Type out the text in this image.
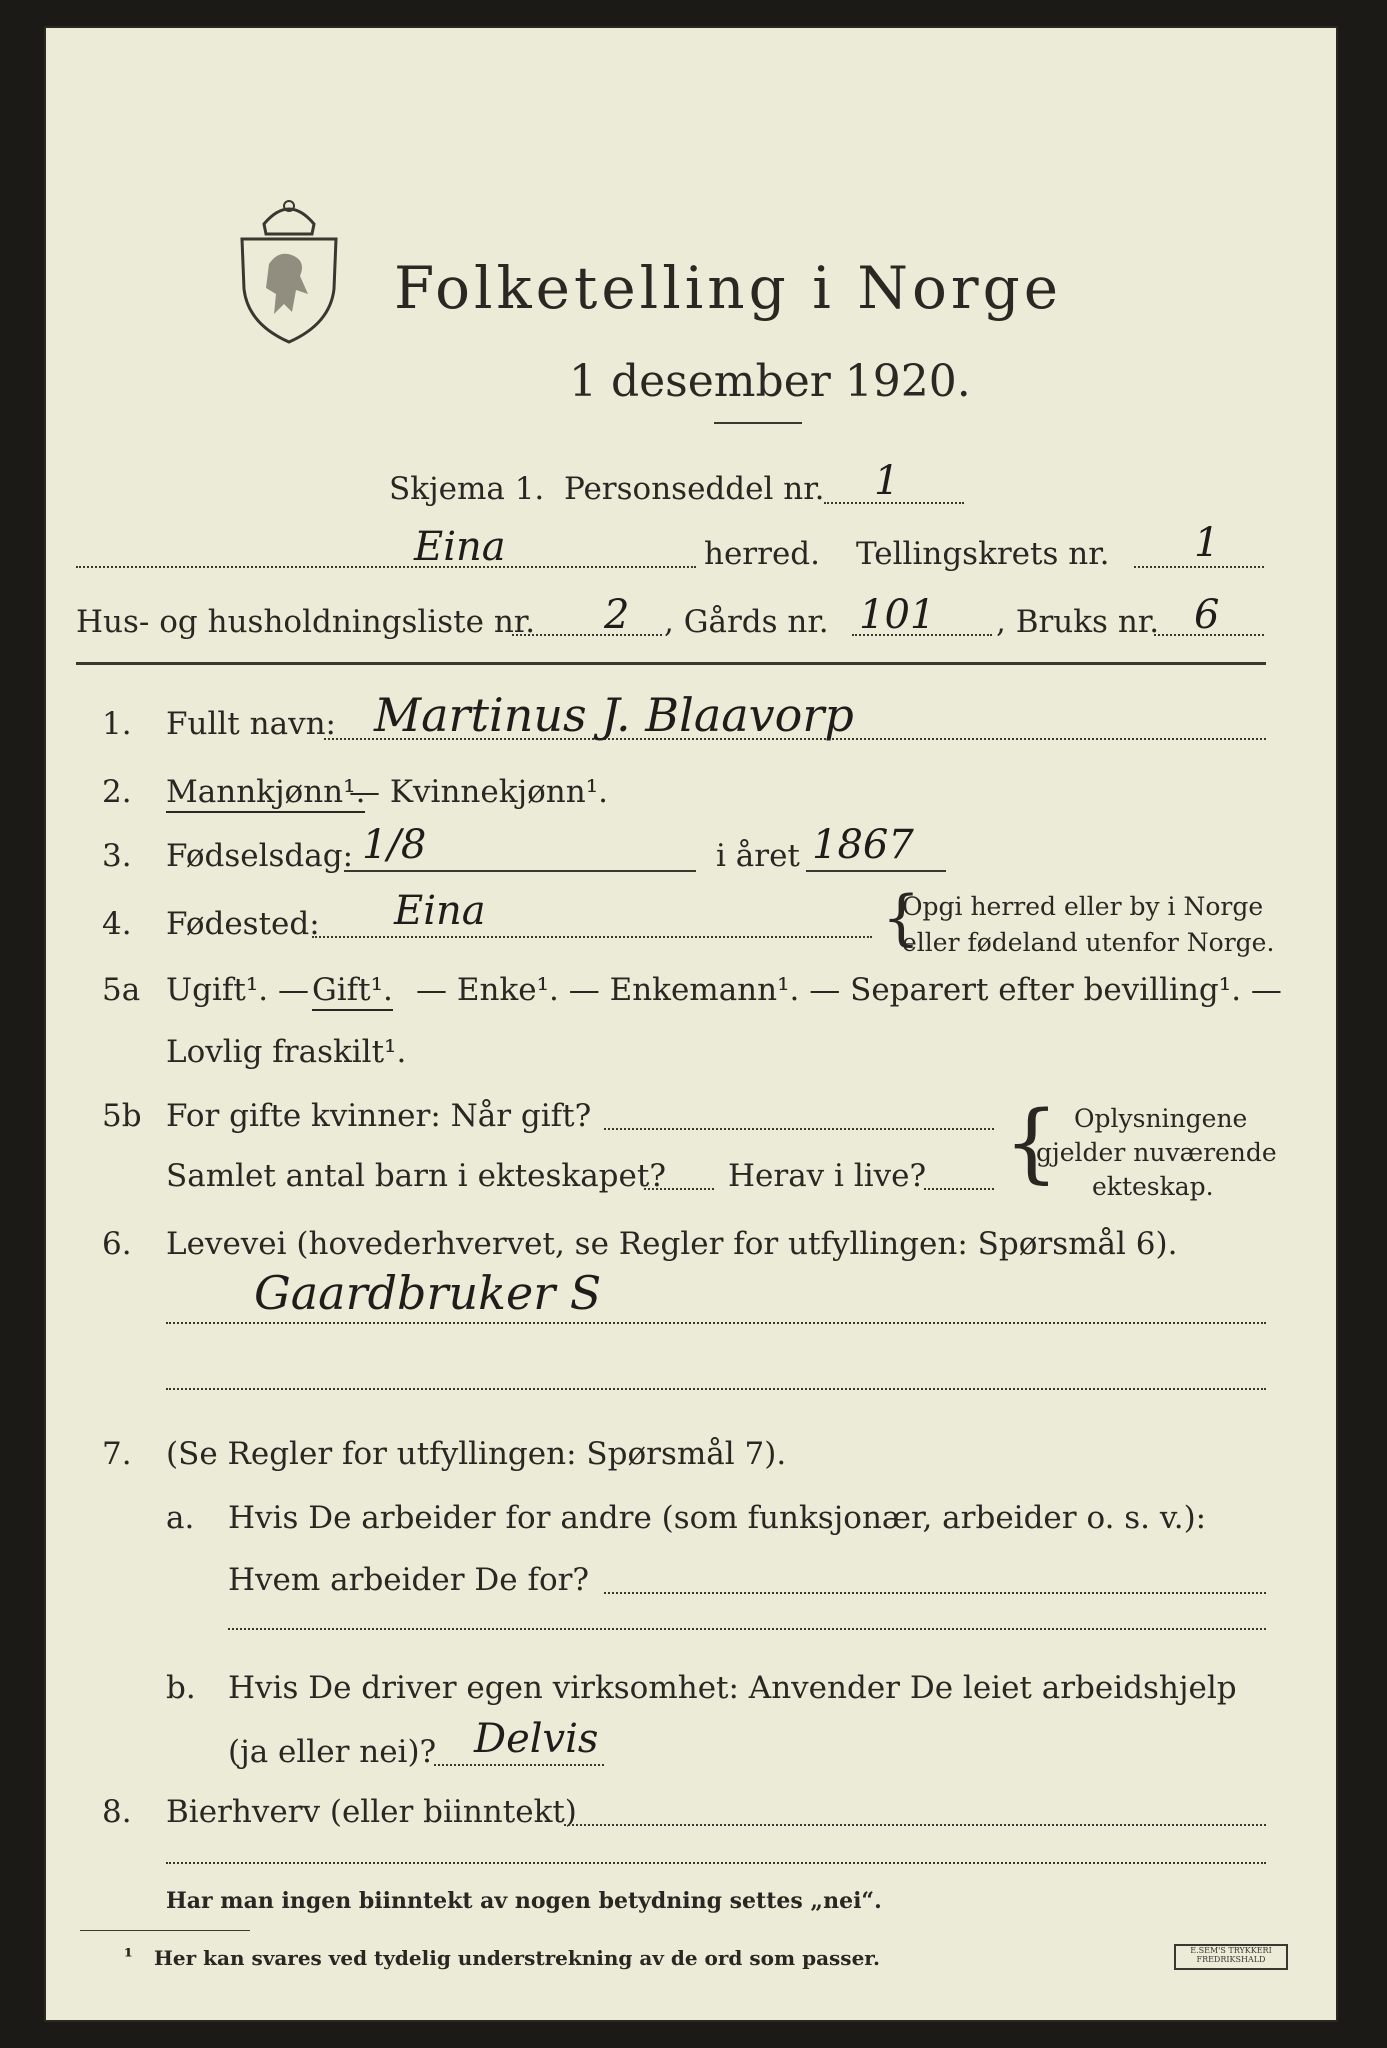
Folketelling i Norge
1 desember 1920.
Skjema 1. Personseddel nr. 1
Eina	herred. Tellingskrets nr. 1
Hus- og husholdningsliste nr. 2 , Gårds nr. 101 , Bruks nr. 6
1. Fullt navn: Martinus J. Blaavorp
2. Mannkjønn¹.
— Kvinnekjønn¹.
3. Fødselsdag: 1/8	i året 1867
4. Fødested: Eina	{
Opgi herred eller by i Norge
eller fødeland utenfor Norge.
5a Ugift¹. — Gift¹. — Enke¹. — Enkemann¹. — Separert efter bevilling¹. —
Lovlig fraskilt¹.
5b For gifte kvinner: Når gift?
Samlet antal barn i ekteskapet? Herav i live? { Oplysningene
gjelder nuværende
ekteskap.
6. Levevei (hovederhvervet, se Regler for utfyllingen: Spørsmål 6).
Gaardbruker S
7. (Se Regler for utfyllingen: Spørsmål 7).
a. Hvis De arbeider for andre (som funksjonær, arbeider o. s. v.):
Hvem arbeider De for?
b. Hvis De driver egen virksomhet: Anvender De leiet arbeidshjelp
(ja eller nei)? Delvis
8. Bierhverv (eller biinntekt)
Har man ingen biinntekt av nogen betydning settes „nei“.
¹ Her kan svares ved tydelig understrekning av de ord som passer.	E.SEM'S TRYKKERI
FREDRIKSHALD
